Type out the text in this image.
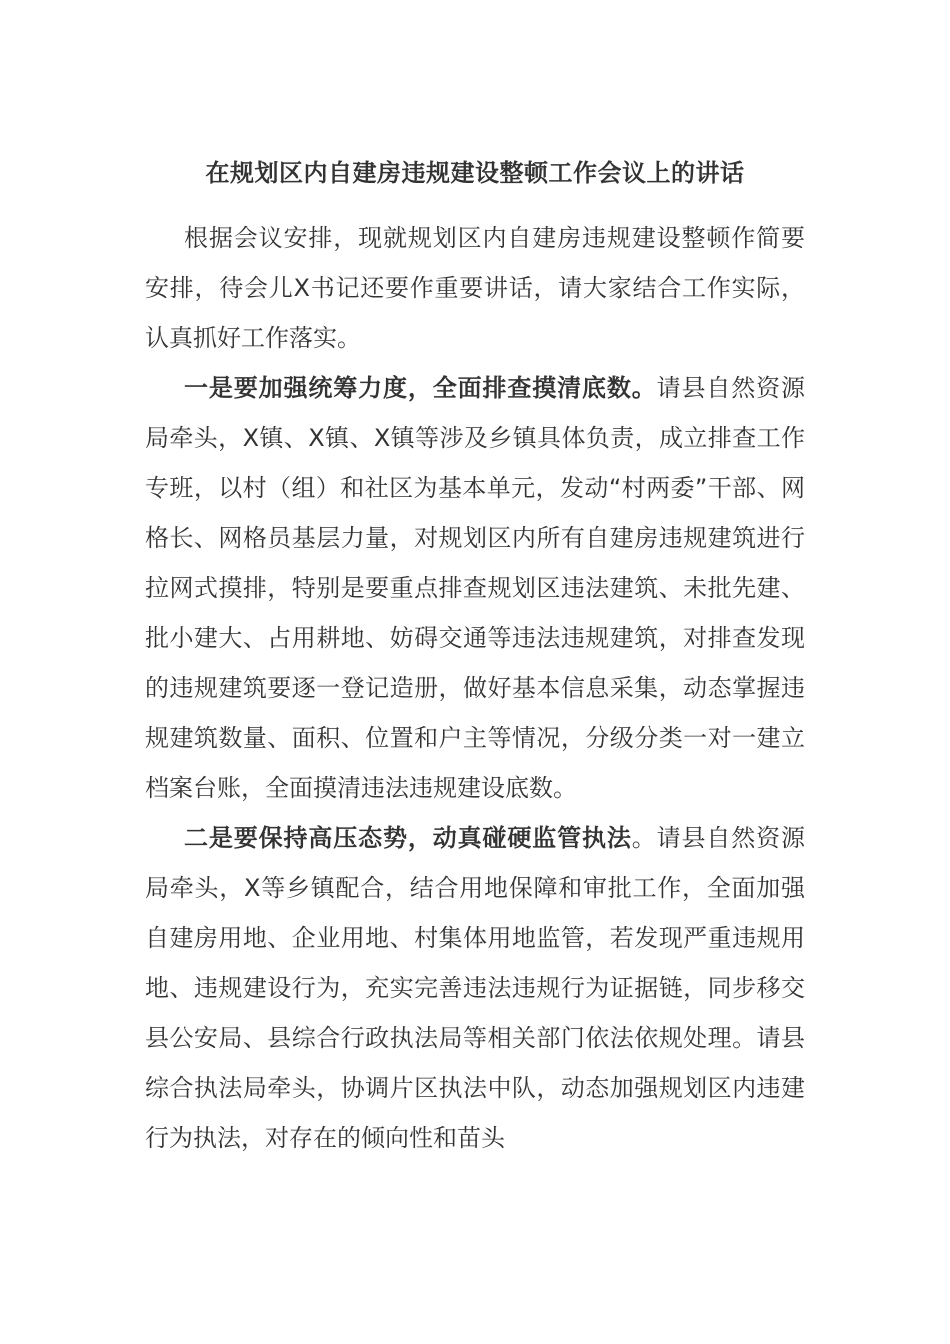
在规划区内自建房违规建设整顿工作会议上的讲话

根据会议安排，现就规划区内自建房违规建设整顿作简要安排，待会儿X书记还要作重要讲话，请大家结合工作实际，认真抓好工作落实。

一是要加强统筹力度，全面排查摸清底数。请县自然资源局牵头，X镇、X镇、X镇等涉及乡镇具体负责，成立排查工作专班，以村（组）和社区为基本单元，发动“村两委”干部、网格长、网格员基层力量，对规划区内所有自建房违规建筑进行拉网式摸排，特别是要重点排查规划区违法建筑、未批先建、批小建大、占用耕地、妨碍交通等违法违规建筑，对排查发现的违规建筑要逐一登记造册，做好基本信息采集，动态掌握违规建筑数量、面积、位置和户主等情况，分级分类一对一建立档案台账，全面摸清违法违规建设底数。

二是要保持高压态势，动真碰硬监管执法。请县自然资源局牵头，X等乡镇配合，结合用地保障和审批工作，全面加强自建房用地、企业用地、村集体用地监管，若发现严重违规用地、违规建设行为，充实完善违法违规行为证据链，同步移交县公安局、县综合行政执法局等相关部门依法依规处理。请县综合执法局牵头，协调片区执法中队，动态加强规划区内违建行为执法，对存在的倾向性和苗头
